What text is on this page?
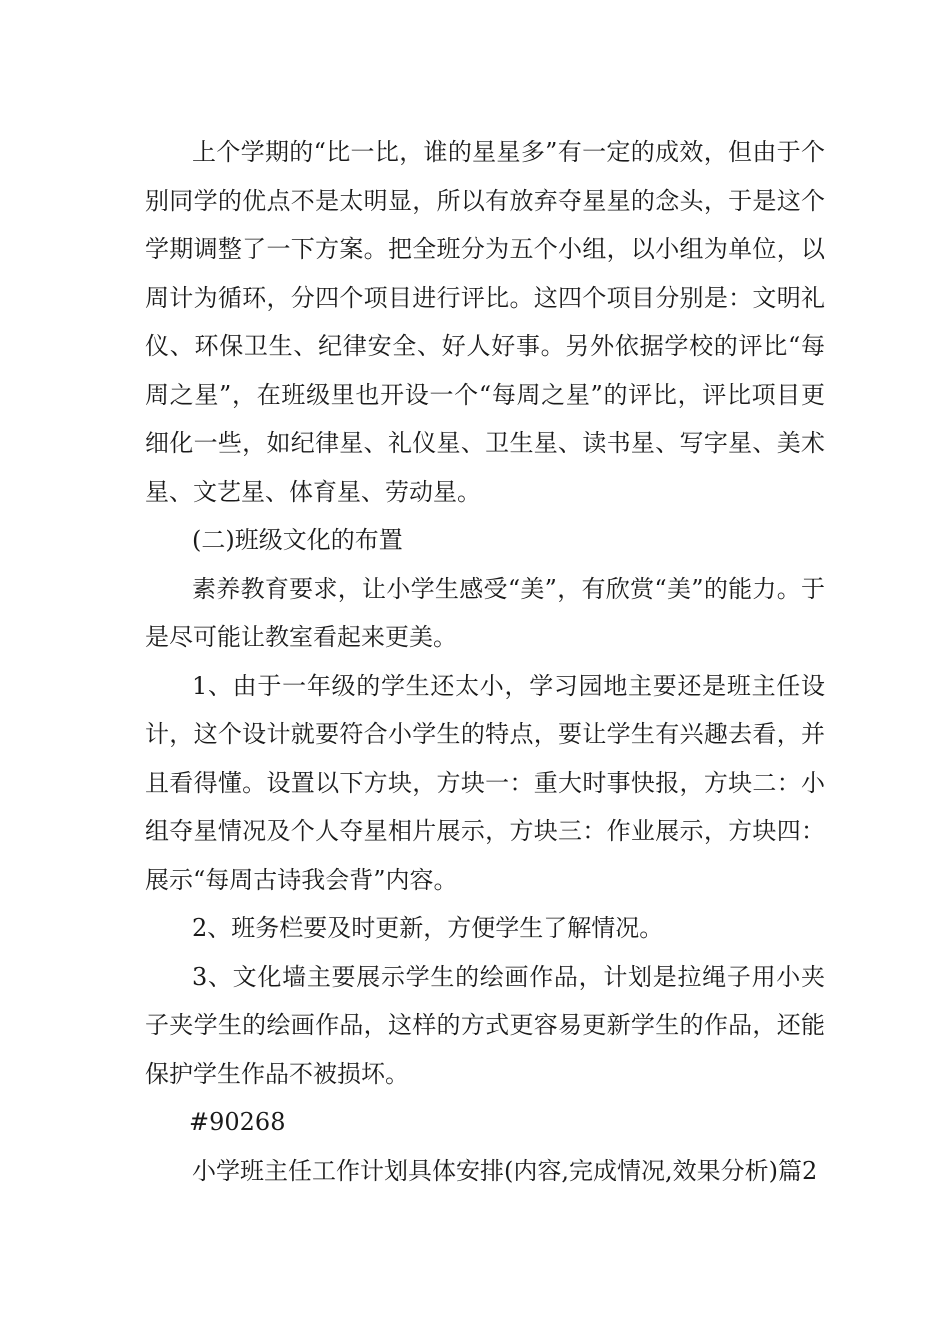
上个学期的“比一比，谁的星星多”有一定的成效，但由于个别同学的优点不是太明显，所以有放弃夺星星的念头，于是这个学期调整了一下方案。把全班分为五个小组，以小组为单位，以周计为循环，分四个项目进行评比。这四个项目分别是：文明礼仪、环保卫生、纪律安全、好人好事。另外依据学校的评比“每周之星”，在班级里也开设一个“每周之星”的评比，评比项目更细化一些，如纪律星、礼仪星、卫生星、读书星、写字星、美术星、文艺星、体育星、劳动星。

(二)班级文化的布置

素养教育要求，让小学生感受“美”，有欣赏“美”的能力。于是尽可能让教室看起来更美。

1、由于一年级的学生还太小，学习园地主要还是班主任设计，这个设计就要符合小学生的特点，要让学生有兴趣去看，并且看得懂。设置以下方块，方块一：重大时事快报，方块二：小组夺星情况及个人夺星相片展示，方块三：作业展示，方块四：展示“每周古诗我会背”内容。

2、班务栏要及时更新，方便学生了解情况。

3、文化墙主要展示学生的绘画作品，计划是拉绳子用小夹子夹学生的绘画作品，这样的方式更容易更新学生的作品，还能保护学生作品不被损坏。

#90268

小学班主任工作计划具体安排(内容,完成情况,效果分析)篇2
